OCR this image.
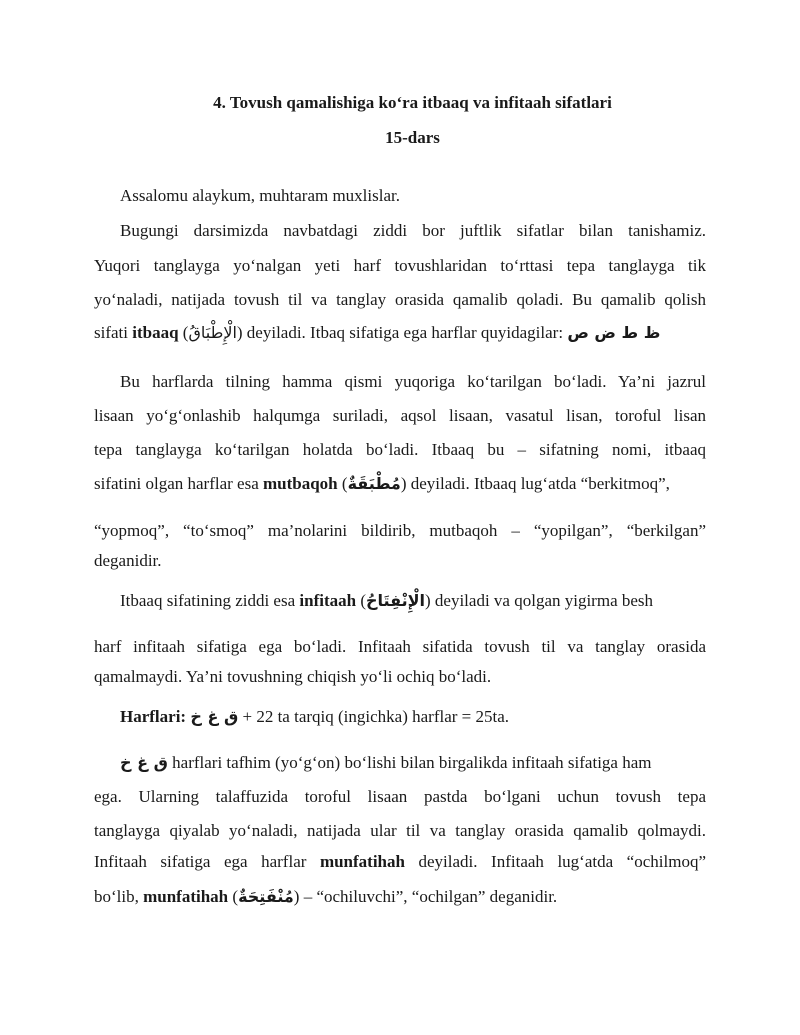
4. Tovush qamalishiga ko‘ra itbaaq va infitaah sifatlari
15-dars
Assalomu alaykum, muhtaram muxlislar.
Bugungi darsimizda navbatdagi ziddi bor juftlik sifatlar bilan tanishamiz.
Yuqori tanglayga yo‘nalgan yeti harf tovushlaridan to‘rttasi tepa tanglayga tik
yo‘naladi, natijada tovush til va tanglay orasida qamalib qoladi. Bu qamalib qolish
sifati itbaaq (الْإِطْبَاقُ) deyiladi. Itbaq sifatiga ega harflar quyidagilar: ظ ط ض ص
Bu harflarda tilning hamma qismi yuqoriga ko‘tarilgan bo‘ladi. Ya’ni jazrul
lisaan yo‘g‘onlashib halqumga suriladi, aqsol lisaan, vasatul lisan, toroful lisan
tepa tanglayga ko‘tarilgan holatda bo‘ladi. Itbaaq bu – sifatning nomi, itbaaq
sifatini olgan harflar esa mutbaqoh (مُطْبَقَةٌ) deyiladi. Itbaaq lug‘atda “berkitmoq”,
“yopmoq”, “to‘smoq” ma’nolarini bildirib, mutbaqoh – “yopilgan”, “berkilgan”
deganidir.
Itbaaq sifatining ziddi esa infitaah (الْإِنْفِتَاحُ) deyiladi va qolgan yigirma besh
harf infitaah sifatiga ega bo‘ladi. Infitaah sifatida tovush til va tanglay orasida
qamalmaydi. Ya’ni tovushning chiqish yo‘li ochiq bo‘ladi.
Harflari: ق غ خ + 22 ta tarqiq (ingichka) harflar = 25ta.
ق غ خ harflari tafhim (yo‘g‘on) bo‘lishi bilan birgalikda infitaah sifatiga ham
ega. Ularning talaffuzida toroful lisaan pastda bo‘lgani uchun tovush tepa
tanglayga qiyalab yo‘naladi, natijada ular til va tanglay orasida qamalib qolmaydi.
Infitaah sifatiga ega harflar munfatihah deyiladi. Infitaah lug‘atda “ochilmoq”
bo‘lib, munfatihah (مُنْفَتِحَةٌ) – “ochiluvchi”, “ochilgan” deganidir.
